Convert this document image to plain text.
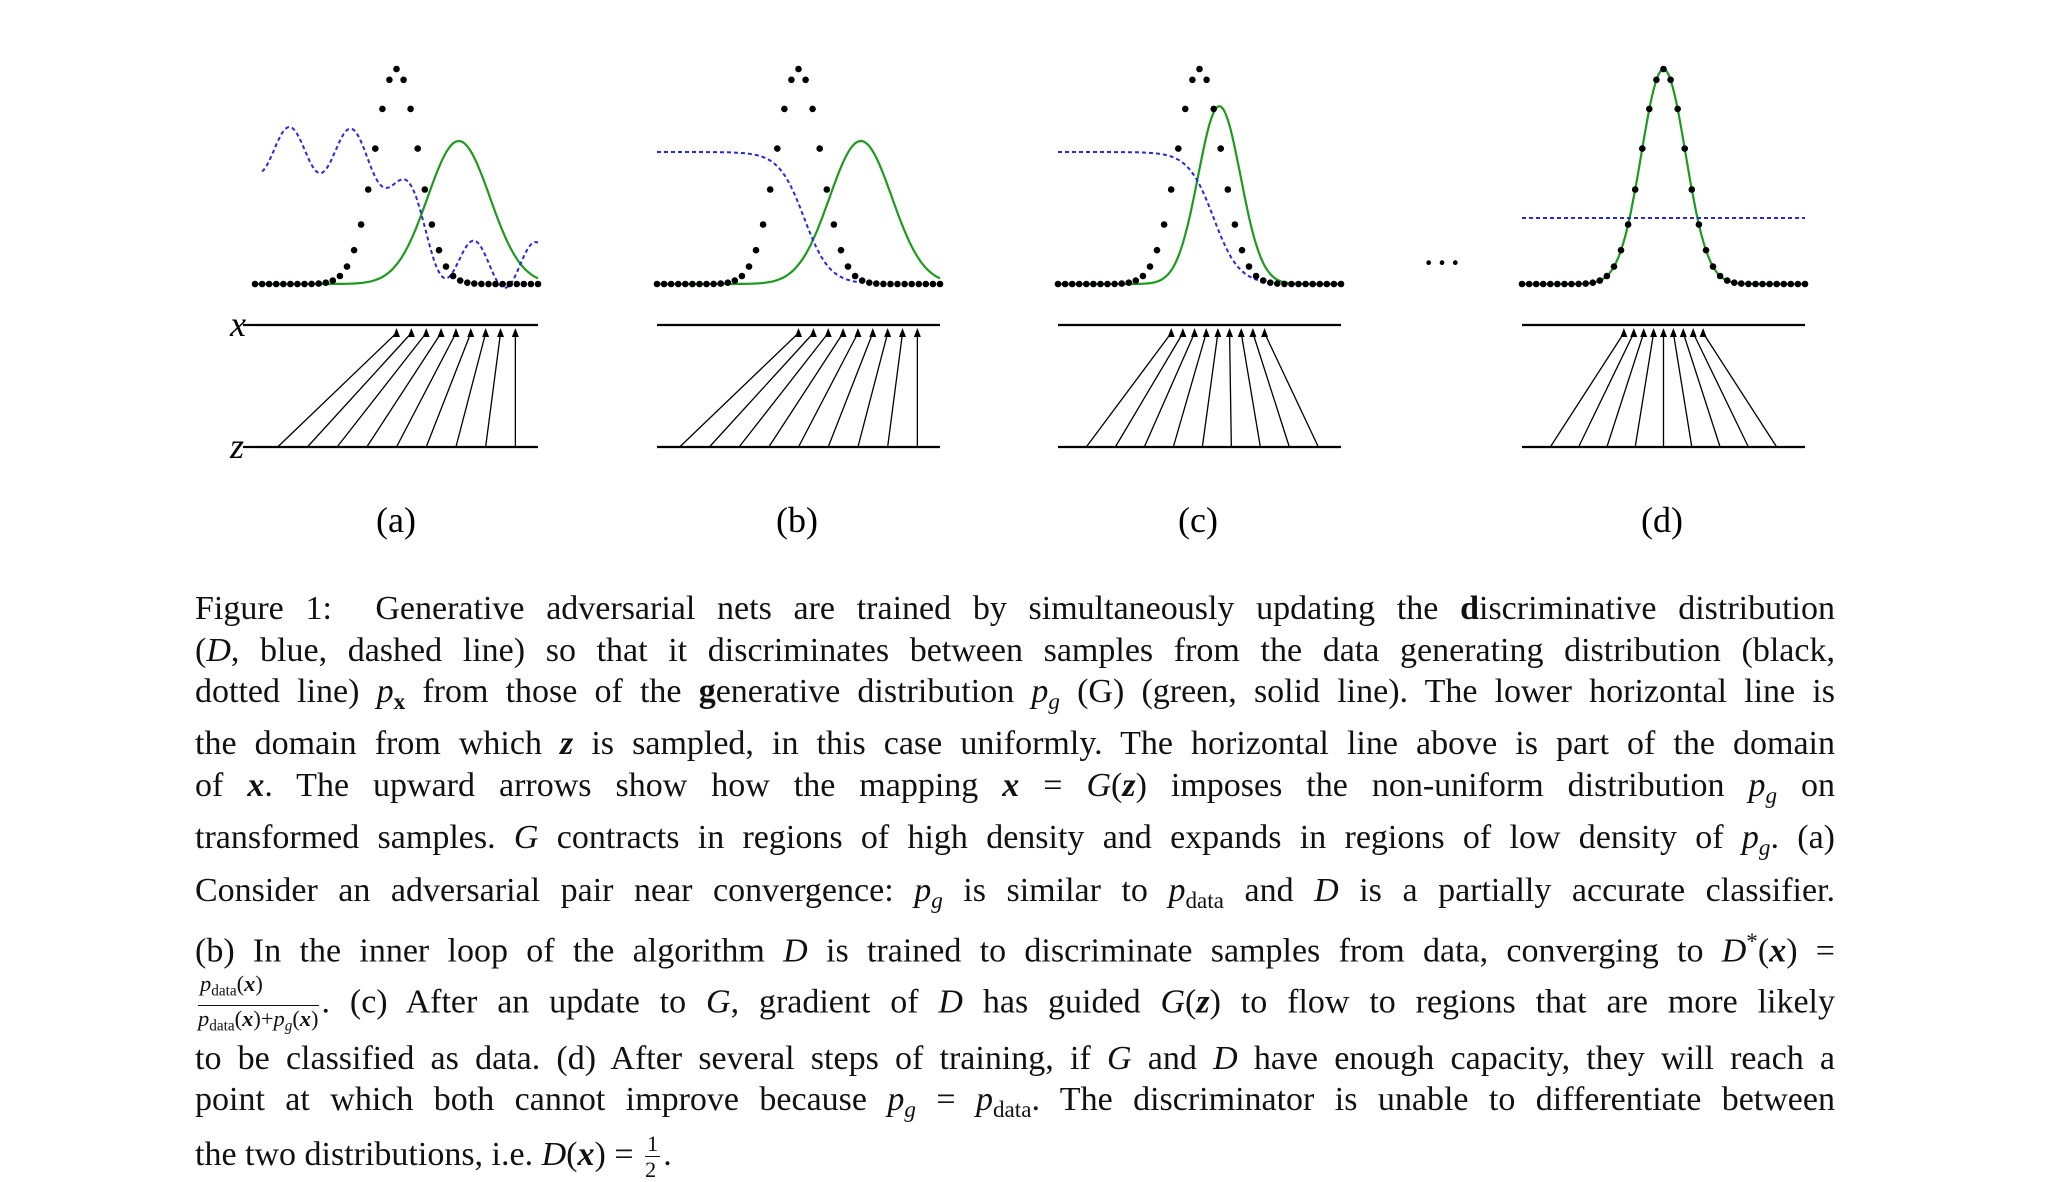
x
z
···
(a)	(b)	(c)	(d)
Figure 1: Generative adversarial nets are trained by simultaneously updating the discriminative distribution
(D, blue, dashed line) so that it discriminates between samples from the data generating distribution (black,
dotted line) $p_x$ from those of the generative distribution $p_g$ (G) (green, solid line). The lower horizontal line is
the domain from which z is sampled, in this case uniformly. The horizontal line above is part of the domain
of x. The upward arrows show how the mapping x = G(z) imposes the non-uniform distribution $p_g$ on
transformed samples. G contracts in regions of high density and expands in regions of low density of $p_g$. (a)
Consider an adversarial pair near convergence: $p_g$ is similar to $p_{data}$ and D is a partially accurate classifier.
(b) In the inner loop of the algorithm D is trained to discriminate samples from data, converging to D*(x) =
$\frac{p_{data}(x)}{p_{data}(x)+p_g(x)}$ . (c) After an update to G, gradient of D has guided G(z) to flow to regions that are more likely
to be classified as data. (d) After several steps of training, if G and D have enough capacity, they will reach a
point at which both cannot improve because $p_g = p_{data}$. The discriminator is unable to differentiate between
the two distributions, i.e. $D(x) = \frac{1}{2}$ .
